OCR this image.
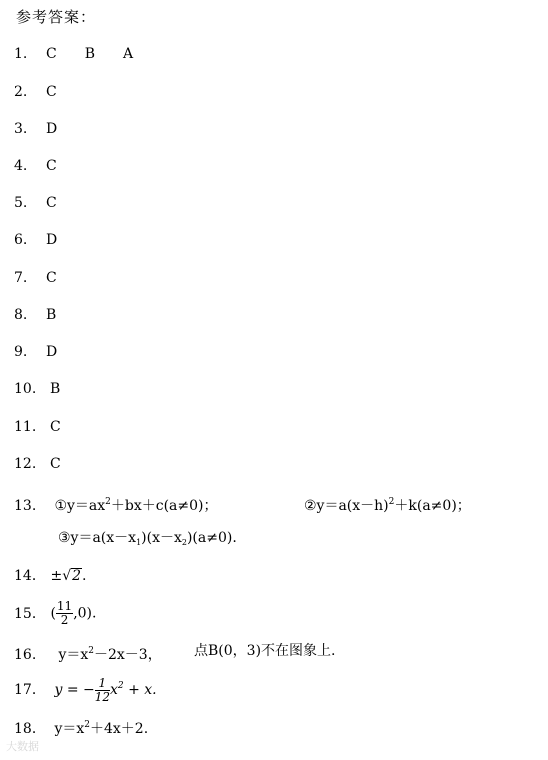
参考答案：
1. C B A
2. C
3. D
4. C
5. C
6. D
7. C
8. B
9. D
10. B
11. C
12. C
13. $①y=ax^2+bx+c(a\ne 0)$；	$②y=a(x-h)^2+k(a\ne 0)$；
$③y=a(x-x_1)(x-x_2)(a\ne 0)$.
14． ±√2.
15． ( $\frac{11}{2} ,0$).
16. $y=x^2-2x-3$， 点B(0，3)不在图象上.
17． y = − $\frac{1}{12} x^2 + x$.
18． $y=x^2+4x+2$.
大数据
